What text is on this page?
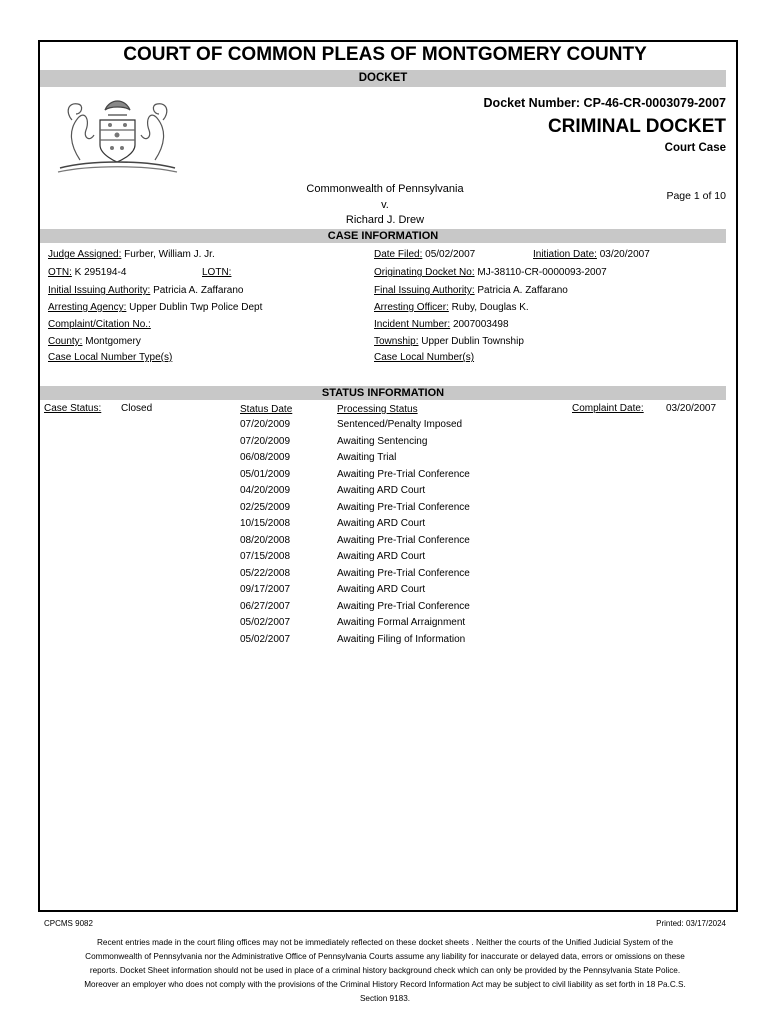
COURT OF COMMON PLEAS OF MONTGOMERY COUNTY
DOCKET
Docket Number: CP-46-CR-0003079-2007
CRIMINAL DOCKET
Court Case
Commonwealth of Pennsylvania
v.
Richard J. Drew
Page 1 of 10
CASE INFORMATION
Judge Assigned: Furber, William J. Jr.
OTN: K 295194-4	LOTN:
Initial Issuing Authority: Patricia A. Zaffarano
Arresting Agency: Upper Dublin Twp Police Dept
Complaint/Citation No.:
County: Montgomery
Case Local Number Type(s)
Date Filed: 05/02/2007	Initiation Date: 03/20/2007
Originating Docket No: MJ-38110-CR-0000093-2007
Final Issuing Authority: Patricia A. Zaffarano
Arresting Officer: Ruby, Douglas K.
Incident Number: 2007003498
Township: Upper Dublin Township
Case Local Number(s)
STATUS INFORMATION
Case Status: Closed	Status Date	Processing Status	Complaint Date: 03/20/2007
07/20/2009	Sentenced/Penalty Imposed
07/20/2009	Awaiting Sentencing
06/08/2009	Awaiting Trial
05/01/2009	Awaiting Pre-Trial Conference
04/20/2009	Awaiting ARD Court
02/25/2009	Awaiting Pre-Trial Conference
10/15/2008	Awaiting ARD Court
08/20/2008	Awaiting Pre-Trial Conference
07/15/2008	Awaiting ARD Court
05/22/2008	Awaiting Pre-Trial Conference
09/17/2007	Awaiting ARD Court
06/27/2007	Awaiting Pre-Trial Conference
05/02/2007	Awaiting Formal Arraignment
05/02/2007	Awaiting Filing of Information
CPCMS 9082	Printed: 03/17/2024
Recent entries made in the court filing offices may not be immediately reflected on these docket sheets . Neither the courts of the Unified Judicial System of the Commonwealth of Pennsylvania nor the Administrative Office of Pennsylvania Courts assume any liability for inaccurate or delayed data, errors or omissions on these reports. Docket Sheet information should not be used in place of a criminal history background check which can only be provided by the Pennsylvania State Police. Moreover an employer who does not comply with the provisions of the Criminal History Record Information Act may be subject to civil liability as set forth in 18 Pa.C.S. Section 9183.
